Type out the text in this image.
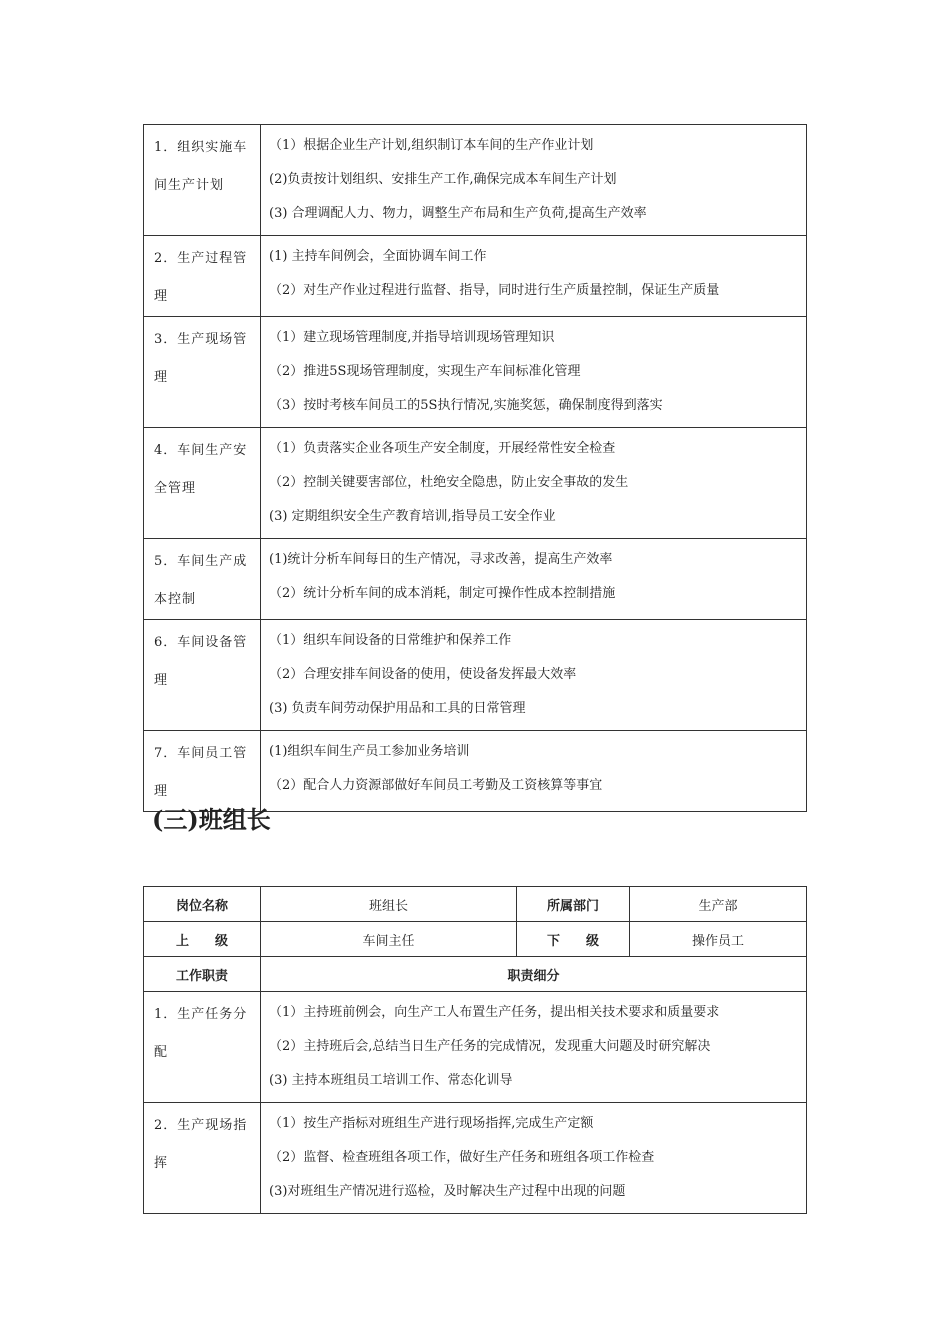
1．组织实施车间生产计划	（1）根据企业生产计划,组织制订本车间的生产作业计划
(2)负责按计划组织、安排生产工作,确保完成本车间生产计划
(3) 合理调配人力、物力，调整生产布局和生产负荷,提高生产效率

2．生产过程管理	(1) 主持车间例会，全面协调车间工作
（2）对生产作业过程进行监督、指导，同时进行生产质量控制，保证生产质量

3．生产现场管理	（1）建立现场管理制度,并指导培训现场管理知识
（2）推进5S现场管理制度，实现生产车间标准化管理
（3）按时考核车间员工的5S执行情况,实施奖惩，确保制度得到落实

4．车间生产安全管理	（1）负责落实企业各项生产安全制度，开展经常性安全检查
（2）控制关键要害部位，杜绝安全隐患，防止安全事故的发生
(3) 定期组织安全生产教育培训,指导员工安全作业

5．车间生产成本控制	(1)统计分析车间每日的生产情况，寻求改善，提高生产效率
（2）统计分析车间的成本消耗，制定可操作性成本控制措施

6．车间设备管理	（1）组织车间设备的日常维护和保养工作
（2）合理安排车间设备的使用，使设备发挥最大效率
(3) 负责车间劳动保护用品和工具的日常管理

7．车间员工管理	(1)组织车间生产员工参加业务培训
（2）配合人力资源部做好车间员工考勤及工资核算等事宜
(三)班组长
岗位名称	班组长	所属部门	生产部
上　　级	车间主任	下　　级	操作员工
工作职责	职责细分		
1．生产任务分配	（1）主持班前例会，向生产工人布置生产任务，提出相关技术要求和质量要求
（2）主持班后会,总结当日生产任务的完成情况，发现重大问题及时研究解决
(3) 主持本班组员工培训工作、常态化训导		

2．生产现场指挥	（1）按生产指标对班组生产进行现场指挥,完成生产定额
（2）监督、检查班组各项工作，做好生产任务和班组各项工作检查
(3)对班组生产情况进行巡检，及时解决生产过程中出现的问题		
